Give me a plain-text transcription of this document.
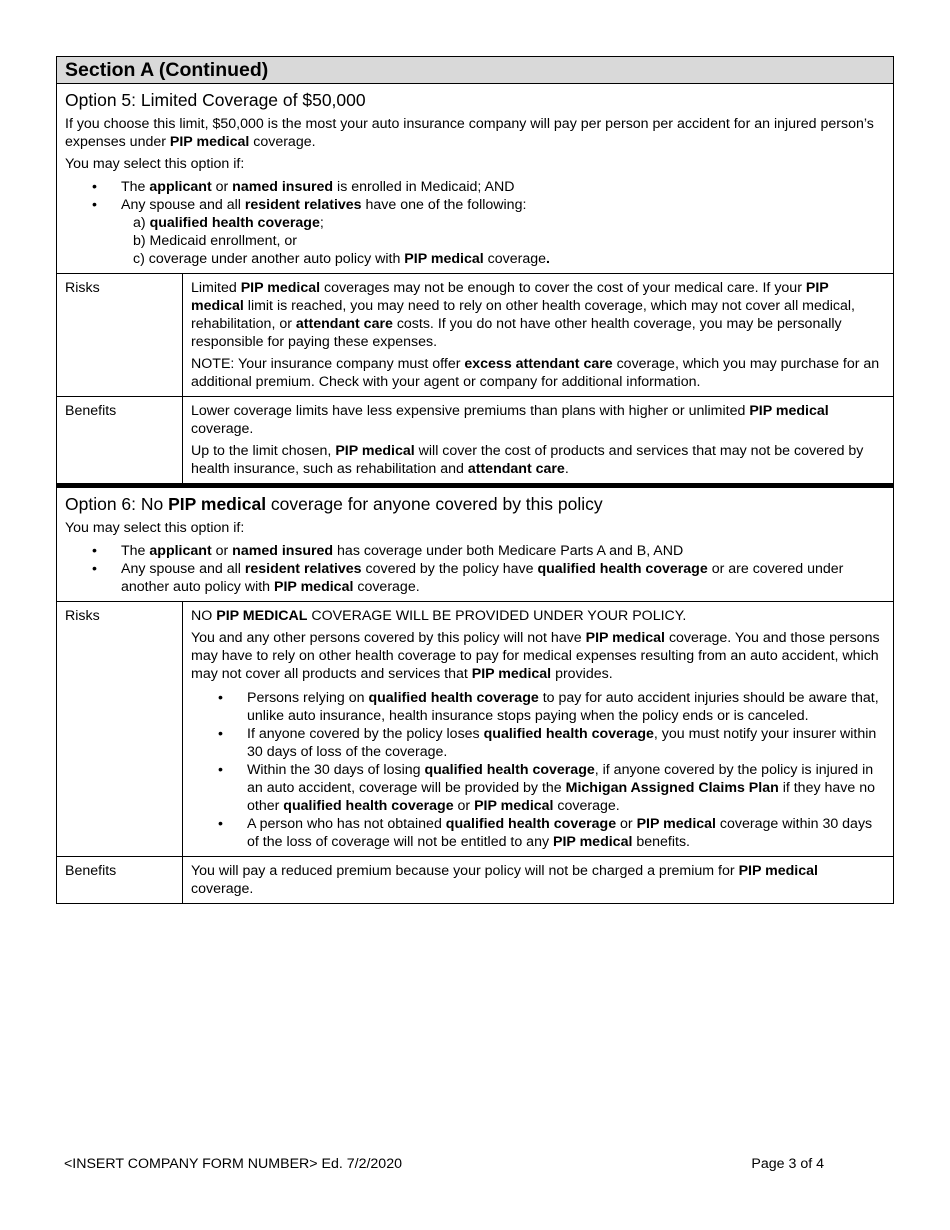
Section A (Continued)
Option 5: Limited Coverage of $50,000
If you choose this limit, $50,000 is the most your auto insurance company will pay per person per accident for an injured person’s expenses under PIP medical coverage.
You may select this option if:
• The applicant or named insured is enrolled in Medicaid; AND
• Any spouse and all resident relatives have one of the following:
a) qualified health coverage;
b) Medicaid enrollment, or
c) coverage under another auto policy with PIP medical coverage.
Risks	Limited PIP medical coverages may not be enough to cover the cost of your medical care. If your PIP medical limit is reached, you may need to rely on other health coverage, which may not cover all medical, rehabilitation, or attendant care costs. If you do not have other health coverage, you may be personally responsible for paying these expenses.
NOTE: Your insurance company must offer excess attendant care coverage, which you may purchase for an additional premium. Check with your agent or company for additional information.
Benefits	Lower coverage limits have less expensive premiums than plans with higher or unlimited PIP medical coverage.
Up to the limit chosen, PIP medical will cover the cost of products and services that may not be covered by health insurance, such as rehabilitation and attendant care.
Option 6: No PIP medical coverage for anyone covered by this policy
You may select this option if:
• The applicant or named insured has coverage under both Medicare Parts A and B, AND
• Any spouse and all resident relatives covered by the policy have qualified health coverage or are covered under another auto policy with PIP medical coverage.
Risks	NO PIP MEDICAL COVERAGE WILL BE PROVIDED UNDER YOUR POLICY.
You and any other persons covered by this policy will not have PIP medical coverage. You and those persons may have to rely on other health coverage to pay for medical expenses resulting from an auto accident, which may not cover all products and services that PIP medical provides.
• Persons relying on qualified health coverage to pay for auto accident injuries should be aware that, unlike auto insurance, health insurance stops paying when the policy ends or is canceled.
• If anyone covered by the policy loses qualified health coverage, you must notify your insurer within 30 days of loss of the coverage.
• Within the 30 days of losing qualified health coverage, if anyone covered by the policy is injured in an auto accident, coverage will be provided by the Michigan Assigned Claims Plan if they have no other qualified health coverage or PIP medical coverage.
• A person who has not obtained qualified health coverage or PIP medical coverage within 30 days of the loss of coverage will not be entitled to any PIP medical benefits.
Benefits	You will pay a reduced premium because your policy will not be charged a premium for PIP medical coverage.
<INSERT COMPANY FORM NUMBER> Ed. 7/2/2020	Page 3 of 4
